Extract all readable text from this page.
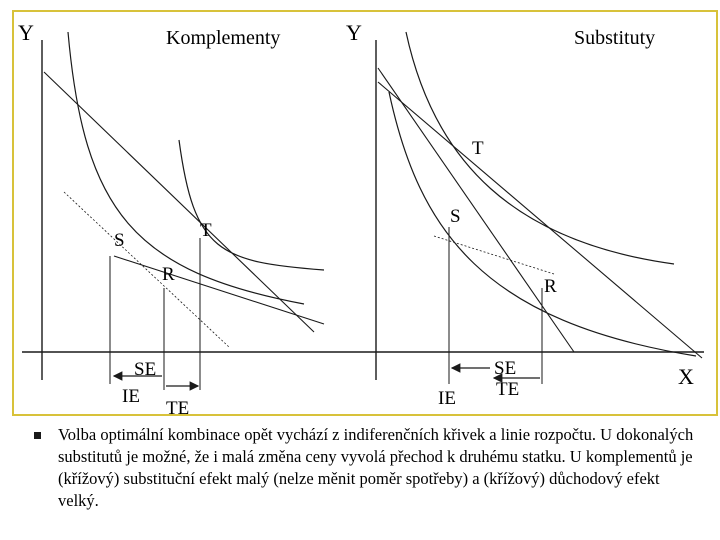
Y	Komplementy
S	T
R
SE
IE
TE
Y	Substituty
X
T
S
R
SE
TE
IE
Volba optimální kombinace opět vychází z indiferenčních křivek a linie rozpočtu. U dokonalých substitutů je možné, že i malá změna ceny vyvolá přechod k druhému statku. U komplementů je (křížový) substituční efekt malý (nelze měnit poměr spotřeby) a (křížový) důchodový efekt velký.
